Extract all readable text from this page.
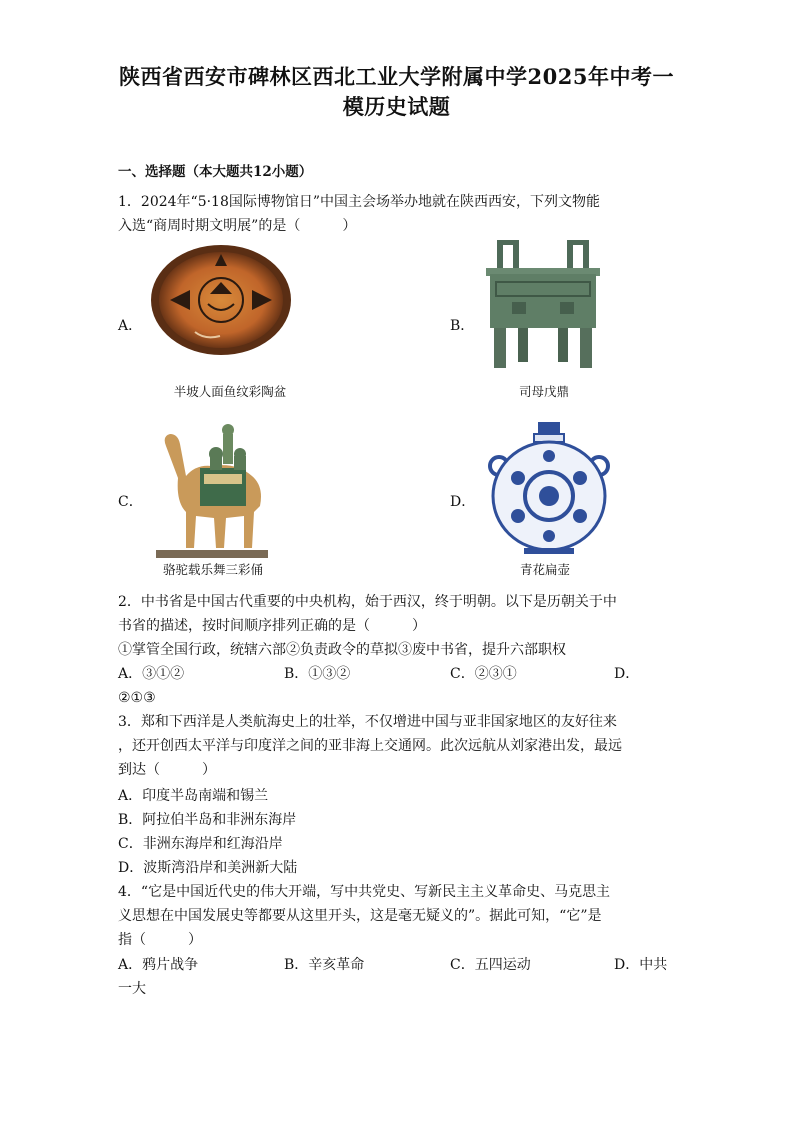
陕西省西安市碑林区西北工业大学附属中学2025年中考一
模历史试题
一、选择题（本大题共12小题）
1．2024年“5·18国际博物馆日”中国主会场举办地就在陕西西安，下列文物能
入选“商周时期文明展”的是（　　　）
A．
半坡人面鱼纹彩陶盆
B．
司母戊鼎
C．
骆驼载乐舞三彩俑
D．
青花扁壶
2．中书省是中国古代重要的中央机构，始于西汉，终于明朝。以下是历朝关于中
书省的描述，按时间顺序排列正确的是（　　　）
①掌管全国行政，统辖六部②负责政令的草拟③废中书省，提升六部职权
A．③①②	B．①③②	C．②③①	D．
②①③
3．郑和下西洋是人类航海史上的壮举，不仅增进中国与亚非国家地区的友好往来
，还开创西太平洋与印度洋之间的亚非海上交通网。此次远航从刘家港出发，最远
到达（　　　）
A．印度半岛南端和锡兰
B．阿拉伯半岛和非洲东海岸
C．非洲东海岸和红海沿岸
D．波斯湾沿岸和美洲新大陆
4．“它是中国近代史的伟大开端，写中共党史、写新民主主义革命史、马克思主
义思想在中国发展史等都要从这里开头，这是毫无疑义的”。据此可知，“它”是
指（　　　）
A．鸦片战争	B．辛亥革命	C．五四运动	D．中共
一大
